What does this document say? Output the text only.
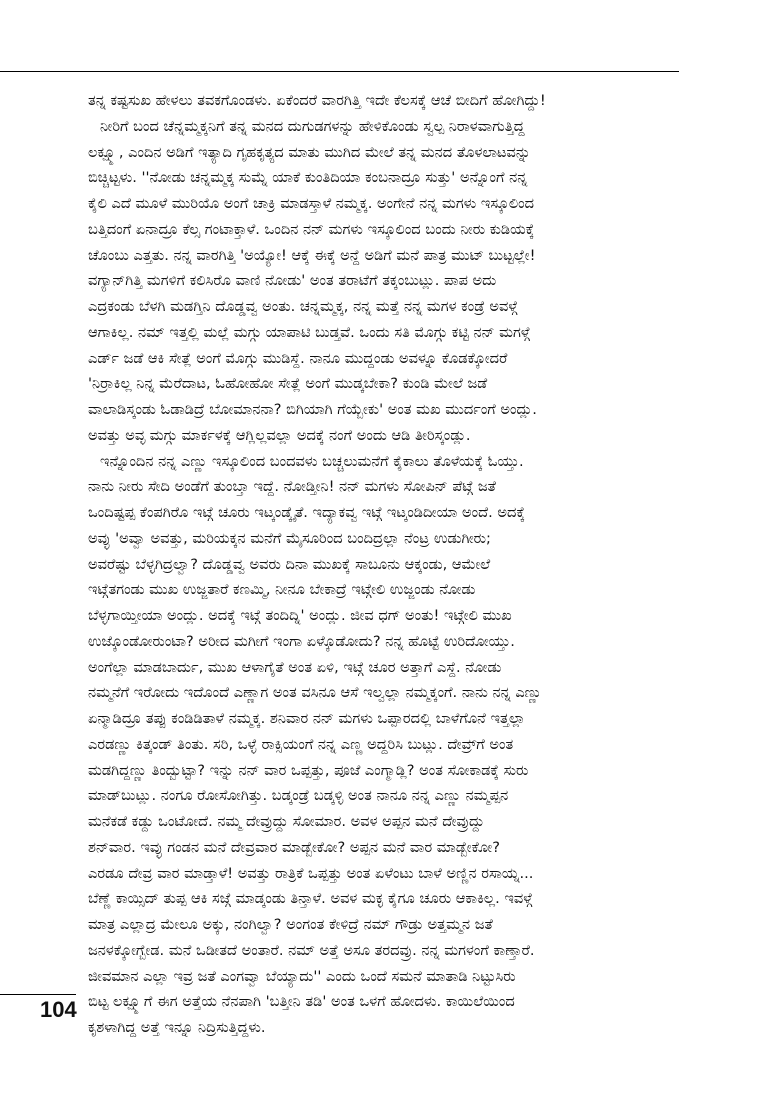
ತನ್ನ ಕಷ್ಟಸುಖ ಹೇಳಲು ತವಕಗೊಂಡಳು. ಏಕೆಂದರೆ ವಾರಗಿತ್ತಿ ಇದೇ ಕೆಲಸಕ್ಕೆ ಆಚೆ ಬೀದಿಗೆ ಹೋಗಿದ್ದು!
ನೀರಿಗೆ ಬಂದ ಚೆನ್ನಮ್ಮಕ್ಕನಿಗೆ ತನ್ನ ಮನದ ದುಗುಡಗಳನ್ನು ಹೇಳಿಕೊಂಡು ಸ್ವಲ್ಪ ನಿರಾಳವಾಗುತ್ತಿದ್ದ
ಲಕ್ಷ್ಮೂ, ಎಂದಿನ ಅಡಿಗೆ ಇತ್ಯಾದಿ ಗೃಹಕೃತ್ಯದ ಮಾತು ಮುಗಿದ ಮೇಲೆ ತನ್ನ ಮನದ ತೊಳಲಾಟವನ್ನು
ಬಿಚ್ಚಿಟ್ಟಳು. ''ನೋಡು ಚನ್ನಮ್ಮಕ್ಕ ಸುಮ್ನೆ ಯಾಕೆ ಕುಂತಿದಿಯಾ ಕಂಬನಾದ್ರೂ ಸುತ್ತು' ಅನ್ನೊಂಗೆ ನನ್ನ
ಕೈಲಿ ಎದೆ ಮೂಳೆ ಮುರಿಯೊ ಅಂಗೆ ಚಾಕ್ರಿ ಮಾಡಸ್ತಾಳೆ ನಮ್ಮಕ್ಕ. ಅಂಗೇನೆ ನನ್ನ ಮಗಳು ಇಸ್ಕೂಲಿಂದ
ಬತ್ತಿದಂಗೆ ಏನಾದ್ರೂ ಕೆಲ್ಸ ಗಂಟಾಕ್ತಾಳೆ. ಒಂದಿನ ನನ್ ಮಗಳು ಇಸ್ಕೂಲಿಂದ ಬಂದು ನೀರು ಕುಡಿಯಕ್ಕೆ
ಚೊಂಬು ಎತ್ತತು. ನನ್ನ ವಾರಗಿತ್ತಿ 'ಅಯ್ಯೋ! ಆಕ್ಕೆ ಈಕ್ಕೆ ಅನ್ದೆ ಅಡಿಗೆ ಮನೆ ಪಾತ್ರ ಮುಟ್ ಬುಟ್ಟಲ್ಲೇ!
ವಗ್ಯಾನ್‌ಗಿತ್ತಿ ಮಗಳಿಗೆ ಕಲಿಸಿರೊ ವಾಣಿ ನೋಡು' ಅಂತ ತರಾಟೆಗೆ ತಕ್ಕಂಬುಟ್ಲು. ಪಾಪ ಅದು
ಎದ್ರಕಂಡು ಬೆಳಗಿ ಮಡಗ್ತಿನಿ ದೊಡ್ಡವ್ವ ಅಂತು. ಚನ್ನಮ್ಮಕ್ಕ, ನನ್ನ ಮತ್ತೆ ನನ್ನ ಮಗಳ ಕಂಡ್ರೆ ಅವಳ್ಗೆ
ಆಗಾಕಿಲ್ಲ. ನಮ್ ಇತ್ತಲ್ಲಿ ಮಲ್ಲೆ ಮಗ್ಗು ಯಾಪಾಟಿ ಬುಡ್ತವೆ. ಒಂದು ಸತಿ ಮೊಗ್ಗು ಕಟ್ಟಿ ನನ್ ಮಗಳ್ಗೆ
ಎರ್ಡ್ ಜಡೆ ಆಕಿ ಸೇತ್ಲೆ ಅಂಗೆ ಮೊಗ್ಗು ಮುಡಿಸ್ದೆ. ನಾನೂ ಮುದ್ದಂಡು ಅವಳ್ನೂ ಕೊಡಕ್ಕೋದರೆ
'ನಿರ್ರಾಕಿಲ್ಲ ನಿನ್ನ ಮೆರೆದಾಟ, ಓಹೋಹೋ ಸೇತ್ಲೆ ಅಂಗೆ ಮುಡ್ಕಬೇಕಾ? ಕುಂಡಿ ಮೇಲೆ ಜಡೆ
ವಾಲಾಡಿಸ್ಕಂಡು ಓಡಾಡಿದ್ರೆ ಬೋಮಾನನಾ? ಬಿಗಿಯಾಗಿ ಗೆಯ್ಬೇಕು' ಅಂತ ಮಖ ಮುರ್ದಂಗೆ ಅಂದ್ಲು.
ಅವತ್ತು ಅವ್ಳ ಮಗ್ಗು ಮಾರ್ಕಳಕ್ಕೆ ಆಗ್ಲಿಲ್ಲವಲ್ಲಾ ಅದಕ್ಕೆ ನಂಗೆ ಅಂದು ಆಡಿ ತೀರಿಸ್ಕಂಡ್ಲು.
ಇನ್ನೊಂದಿನ ನನ್ನ ಎಣ್ಣು ಇಸ್ಕೂಲಿಂದ ಬಂದವಳು ಬಚ್ಚಲುಮನೆಗೆ ಕೈಕಾಲು ತೊಳೆಯಕ್ಕೆ ಓಯ್ತು.
ನಾನು ನೀರು ಸೇದಿ ಅಂಡೆಗೆ ತುಂಬ್ತಾ ಇದ್ದೆ. ನೋಡ್ತೀನಿ! ನನ್ ಮಗಳು ಸೋಪಿನ್ ಪೆಟ್ಗೆ ಜತೆ
ಒಂದಿಷ್ಟಪ್ಪ ಕೆಂಪಗಿರೊ ಇಟ್ಗೆ ಚೂರು ಇಟ್ಕಂಡ್ಕೈತೆ. ಇದ್ಯಾಕವ್ವ ಇಟ್ಗೆ ಇಟ್ಕಂಡಿದೀಯಾ ಅಂದೆ. ಅದಕ್ಕೆ
ಅವ್ಳು 'ಅವ್ವಾ ಅವತ್ತು, ಮರಿಯಕ್ಕನ ಮನೆಗೆ ಮೈಸೂರಿಂದ ಬಂದಿದ್ರಲ್ಲಾ ನೆಂಟ್ರ ಉಡುಗೀರು;
ಅವರೆಷ್ಟು ಬೆಳ್ಳಗಿದ್ರಲ್ವಾ? ದೊಡ್ಡವ್ವ ಅವರು ದಿನಾ ಮುಖಕ್ಕೆ ಸಾಬೂನು ಆಕ್ಕಂಡು, ಆಮೇಲೆ
ಇಟ್ಗೆತಗಂಡು ಮುಖ ಉಜ್ಜತಾರೆ ಕಣಮ್ಮಿ, ನೀನೂ ಬೇಕಾದ್ರೆ ಇಟ್ಗೇಲಿ ಉಜ್ಜಂಡು ನೋಡು
ಬೆಳ್ಳಗಾಯ್ತೀಯಾ ಅಂದ್ಲು. ಅದಕ್ಕೆ ಇಟ್ಗೆ ತಂದಿದ್ನಿ' ಅಂದ್ಲು. ಜೀವ ಧಗ್ ಅಂತು! ಇಟ್ಗೇಲಿ ಮುಖ
ಉಜ್ಕೊಂಡೋರುಂಟಾ? ಅರೀದ ಮಗೀಗೆ ಇಂಗಾ ಏಳ್ಕೊಡೋದು? ನನ್ನ ಹೊಟ್ಟೆ ಉರಿದೋಯ್ತು.
ಅಂಗೆಲ್ಲಾ ಮಾಡಬಾರ್ದು, ಮುಖ ಆಳಾಗೈತೆ ಅಂತ ಏಳಿ, ಇಟ್ಗೆ ಚೂರ ಅತ್ತಾಗೆ ಎಸ್ದೆ. ನೋಡು
ನಮ್ಮನೆಗೆ ಇರೋದು ಇದೊಂದೆ ಎಣ್ಣಾಗ ಅಂತ ವಸಿನೂ ಆಸೆ ಇಲ್ವಲ್ಲಾ ನಮ್ಮಕ್ಕಂಗೆ. ನಾನು ನನ್ನ ಎಣ್ಣು
ಏನ್ಮಾಡಿದ್ರೂ ತಪ್ಪು ಕಂಡಿಡಿತಾಳೆ ನಮ್ಮಕ್ಕ. ಶನಿವಾರ ನನ್ ಮಗಳು ಒಪ್ಪಾರದಲ್ಲಿ ಬಾಳೆಗೊನೆ ಇತ್ತಲ್ಲಾ
ಎರಡಣ್ಣು ಕಿತ್ಕಂಡ್ ತಿಂತು. ಸರಿ, ಒಳ್ಳೆ ರಾಕ್ಸಿಯಂಗೆ ನನ್ನ ಎಣ್ಣ ಅದ್ದರಿಸಿ ಬುಟ್ಲು. ದೇವ್ರ್‌ಗೆ ಅಂತ
ಮಡಗಿದ್ದಣ್ಣು ತಿಂದ್ಬುಟ್ಟಾ? ಇನ್ನು ನನ್ ವಾರ ಒಪ್ಪತ್ತು, ಪೂಜೆ ಎಂಗ್ಮಾಡ್ಲಿ? ಅಂತ ಸೋಕಾಡಕ್ಕೆ ಸುರು
ಮಾಡ್‌ಬುಟ್ಲು. ನಂಗೂ ರೋಸೋಗಿತ್ತು. ಬಡ್ಕಂಡ್ರೆ ಬಡ್ಕಳ್ಳಿ ಅಂತ ನಾನೂ ನನ್ನ ಎಣ್ಣು ನಮ್ಮಪ್ಪನ
ಮನೆಕಡೆ ಕಡ್ದು ಒಂಟೋದೆ. ನಮ್ಮ ದೇವ್ರುದ್ದು ಸೋಮಾರ. ಅವಳ ಅಪ್ಪನ ಮನೆ ದೇವ್ರುದ್ದು
ಶನ್‌ವಾರ. ಇವ್ಳು ಗಂಡನ ಮನೆ ದೇವ್ರವಾರ ಮಾಡ್ಬೇಕೋ? ಅಪ್ಪನ ಮನೆ ವಾರ ಮಾಡ್ಬೇಕೋ?
ಎರಡೂ ದೇವ್ರ ವಾರ ಮಾಡ್ತಾಳೆ! ಅವತ್ತು ರಾತ್ರಿಕೆ ಒಪ್ಪತ್ತು ಅಂತ ಏಳೆಂಟು ಬಾಳೆ ಅಣ್ಣಿನ ರಸಾಯ್ನ...
ಬೆಣ್ಣೆ ಕಾಯ್ಸಿದ್ ತುಪ್ಪ ಆಕಿ ಸಜ್ಗೆ ಮಾಡ್ಕಂಡು ತಿನ್ತಾಳೆ. ಅವಳ ಮಕ್ಳ ಕೈಗೂ ಚೂರು ಆಕಾಕಿಲ್ಲ. ಇವಳ್ಗೆ
ಮಾತ್ರ ಎಲ್ಲಾದ್ರ ಮೇಲೂ ಅಕ್ಕು, ನಂಗಿಲ್ವಾ? ಅಂಗಂತ ಕೇಳಿದ್ರೆ ನಮ್ ಗೌಡ್ರು ಅತ್ತಮ್ಮನ ಜತೆ
ಜನಳಕ್ಕೋಗ್ಬೇಡ. ಮನೆ ಒಡೀತದೆ ಅಂತಾರೆ. ನಮ್ ಅತ್ತೆ ಅಸೂ ತರದವ್ರು. ನನ್ನ ಮಗಳಂಗೆ ಕಾಣ್ತಾರೆ.
ಜೀವಮಾನ ಎಲ್ಲಾ ಇವ್ರ ಜತೆ ಎಂಗವ್ವಾ ಬೆಯ್ಯಾದು'' ಎಂದು ಒಂದೆ ಸಮನೆ ಮಾತಾಡಿ ನಿಟ್ಟುಸಿರು
ಬಿಟ್ಟ ಲಕ್ಷ್ಮೂಗೆ ಈಗ ಅತ್ತೆಯ ನೆನಪಾಗಿ 'ಬತ್ತೀನಿ ತಡಿ' ಅಂತ ಒಳಗೆ ಹೋದಳು. ಕಾಯಿಲೆಯಿಂದ
ಕೃಶಳಾಗಿದ್ದ ಅತ್ತೆ ಇನ್ನೂ ನಿದ್ರಿಸುತ್ತಿದ್ದಳು.
104
